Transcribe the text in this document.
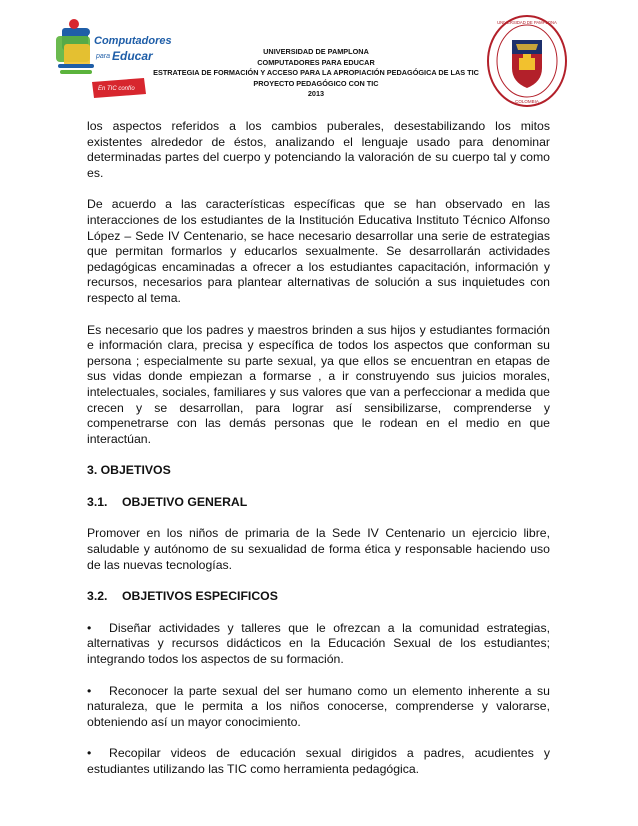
Computadores
para Educar
En TIC confío
UNIVERSIDAD DE PAMPLONA
COMPUTADORES PARA EDUCAR
ESTRATEGIA DE FORMACIÓN Y ACCESO PARA LA APROPIACIÓN PEDAGÓGICA DE LAS TIC
PROYECTO PEDAGÓGICO CON TIC
2013
UNIVERSIDAD DE PAMPLONA
COLOMBIA

los aspectos referidos a los cambios puberales, desestabilizando los mitos existentes alrededor de éstos, analizando el lenguaje usado para denominar determinadas partes del cuerpo y potenciando la valoración de su cuerpo tal y como es.

De acuerdo a las características específicas que se han observado en las interacciones de los estudiantes de la Institución Educativa Instituto Técnico Alfonso López – Sede IV Centenario, se hace necesario desarrollar una serie de estrategias que permitan formarlos y educarlos sexualmente. Se desarrollarán actividades pedagógicas encaminadas a ofrecer a los estudiantes capacitación, información y recursos, necesarios para plantear alternativas de solución a sus inquietudes con respecto al tema.

Es necesario que los padres y maestros brinden a sus hijos y estudiantes formación e información clara, precisa y específica de todos los aspectos que conforman su persona ; especialmente su parte sexual, ya que ellos se encuentran en etapas de sus vidas donde empiezan a formarse , a ir construyendo sus juicios morales, intelectuales, sociales, familiares y sus valores que van a perfeccionar a medida que crecen y se desarrollan, para lograr así sensibilizarse, comprenderse y compenetrarse con las demás personas que le rodean en el medio en que interactúan.

3. OBJETIVOS
3.1. OBJETIVO GENERAL

Promover en los niños de primaria de la Sede IV Centenario un ejercicio libre, saludable y autónomo de su sexualidad de forma ética y responsable haciendo uso de las nuevas tecnologías.

3.2. OBJETIVOS ESPECIFICOS

• Diseñar actividades y talleres que le ofrezcan a la comunidad estrategias, alternativas y recursos didácticos en la Educación Sexual de los estudiantes; integrando todos los aspectos de su formación.

• Reconocer la parte sexual del ser humano como un elemento inherente a su naturaleza, que le permita a los niños conocerse, comprenderse y valorarse, obteniendo así un mayor conocimiento.

• Recopilar videos de educación sexual dirigidos a padres, acudientes y estudiantes utilizando las TIC como herramienta pedagógica.
